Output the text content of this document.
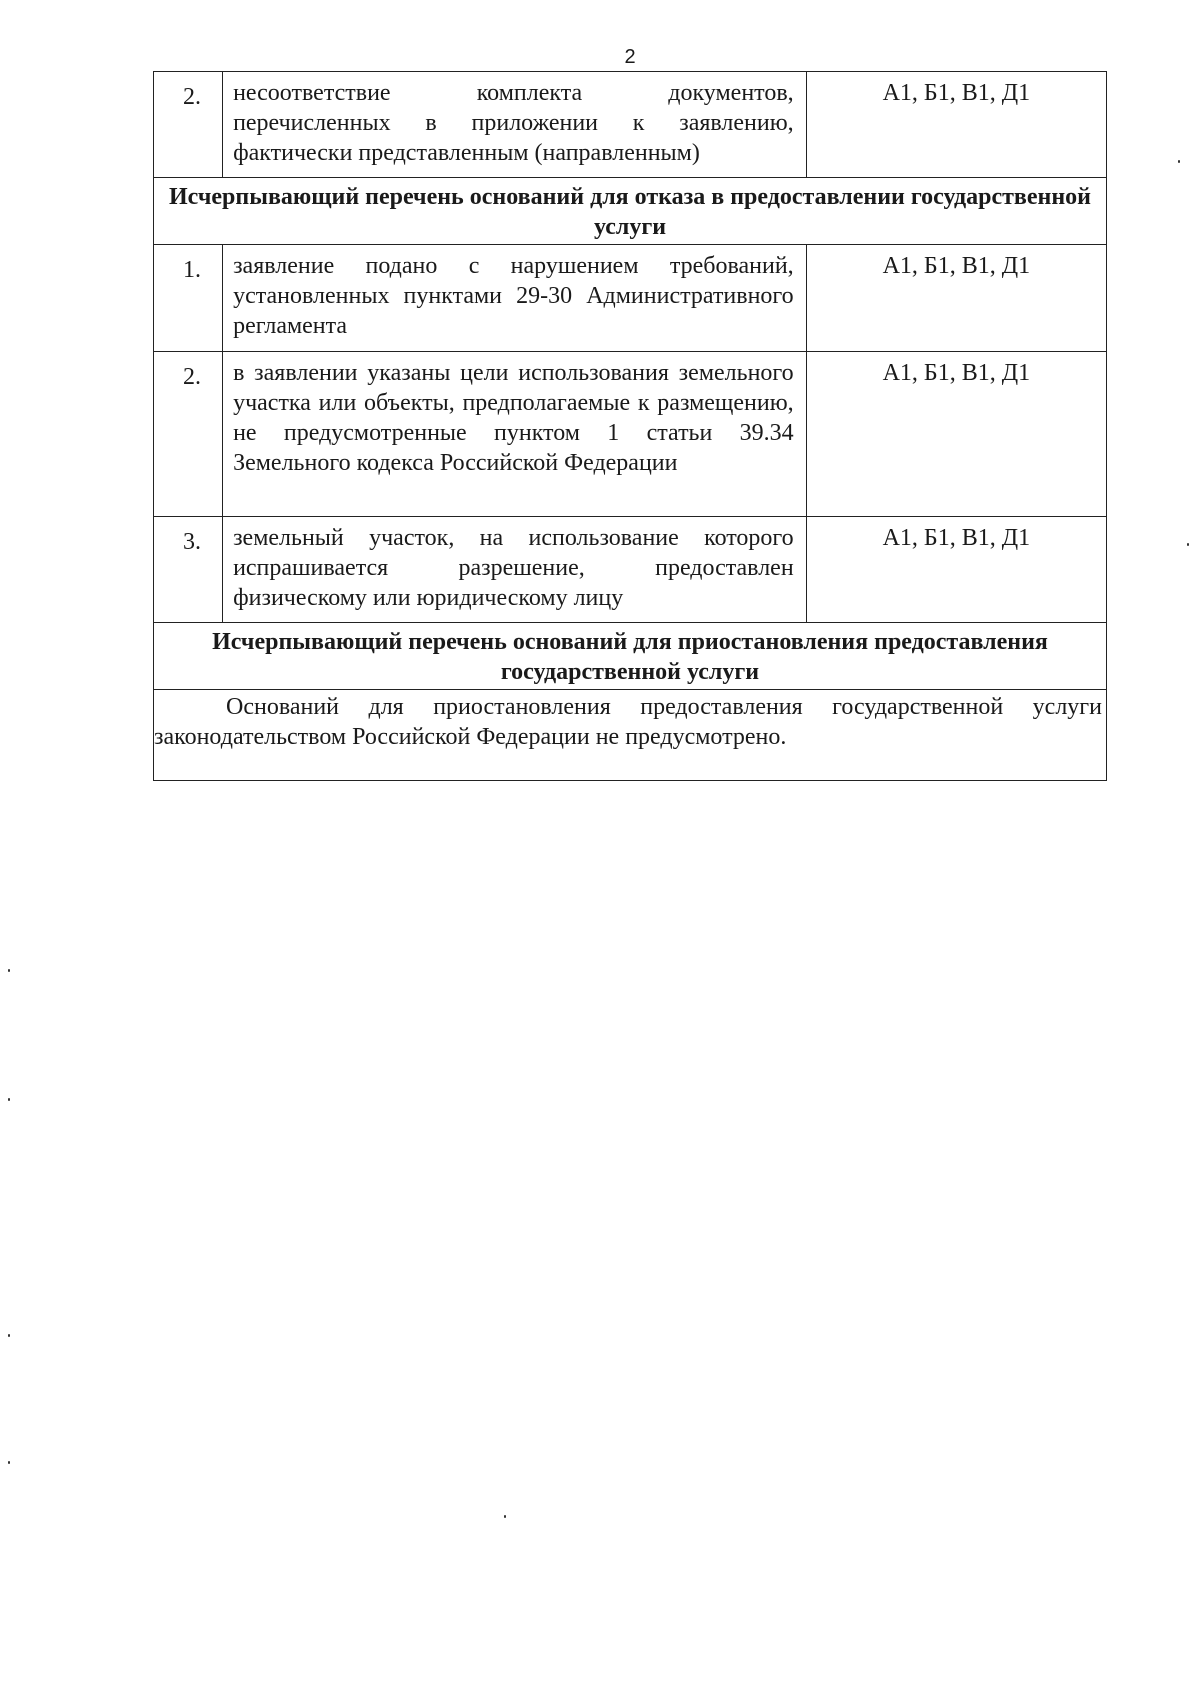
2
2.	несоответствие комплекта документов, перечисленных в приложении к заявлению, фактически представленным (направленным)	А1, Б1, В1, Д1
Исчерпывающий перечень оснований для отказа в предоставлении государственной услуги		
1.	заявление подано с нарушением требований, установленных пунктами 29-30 Административного регламента	А1, Б1, В1, Д1
2.	в заявлении указаны цели использования земельного участка или объекты, предполагаемые к размещению, не предусмотренные пунктом 1 статьи 39.34 Земельного кодекса Российской Федерации	А1, Б1, В1, Д1
3.	земельный участок, на использование которого испрашивается разрешение, предоставлен физическому или юридическому лицу	А1, Б1, В1, Д1
Исчерпывающий перечень оснований для приостановления предоставления государственной услуги		
Оснований для приостановления предоставления государственной услуги законодательством Российской Федерации не предусмотрено.		
